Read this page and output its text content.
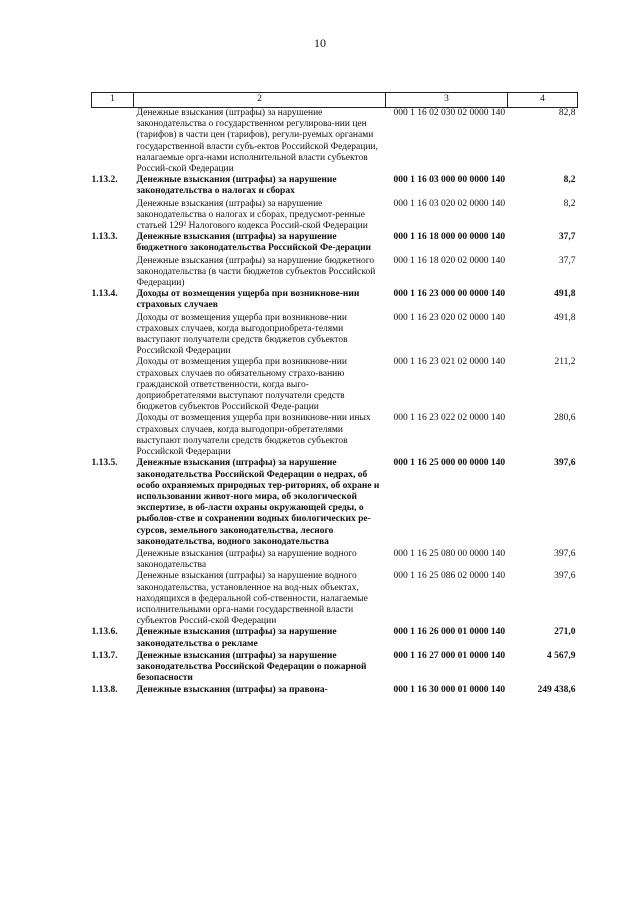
10
1	2	3	4
	Денежные взыскания (штрафы) за нарушение законодательства о государственном регулирова-нии цен (тарифов) в части цен (тарифов), регули-руемых органами государственной власти субъ-ектов Российской Федерации, налагаемые орга-нами исполнительной власти субъектов Россий-ской Федерации	000 1 16 02 030 02 0000 140	82,8
1.13.2.	Денежные взыскания (штрафы) за нарушение законодательства о налогах и сборах	000 1 16 03 000 00 0000 140	8,2
	Денежные взыскания (штрафы) за нарушение законодательства о налогах и сборах, предусмот-ренные статьей 129² Налогового кодекса Россий-ской Федерации	000 1 16 03 020 02 0000 140	8,2
1.13.3.	Денежные взыскания (штрафы) за нарушение бюджетного законодательства Российской Фе-дерации	000 1 16 18 000 00 0000 140	37,7
	Денежные взыскания (штрафы) за нарушение бюджетного законодательства (в части бюджетов субъектов Российской Федерации)	000 1 16 18 020 02 0000 140	37,7
1.13.4.	Доходы от возмещения ущерба при возникнове-нии страховых случаев	000 1 16 23 000 00 0000 140	491,8
	Доходы от возмещения ущерба при возникнове-нии страховых случаев, когда выгодоприобрета-телями выступают получатели средств бюджетов субъектов Российской Федерации	000 1 16 23 020 02 0000 140	491,8
	Доходы от возмещения ущерба при возникнове-нии страховых случаев по обязательному страхо-ванию гражданской ответственности, когда выго-доприобретателями выступают получатели средств бюджетов субъектов Российской Феде-рации	000 1 16 23 021 02 0000 140	211,2
	Доходы от возмещения ущерба при возникнове-нии иных страховых случаев, когда выгодопри-обретателями выступают получатели средств бюджетов субъектов Российской Федерации	000 1 16 23 022 02 0000 140	280,6
1.13.5.	Денежные взыскания (штрафы) за нарушение законодательства Российской Федерации о недрах, об особо охраняемых природных тер-риториях, об охране и использовании живот-ного мира, об экологической экспертизе, в об-ласти охраны окружающей среды, о рыболов-стве и сохранении водных биологических ре-сурсов, земельного законодательства, лесного законодательства, водного законодательства	000 1 16 25 000 00 0000 140	397,6
	Денежные взыскания (штрафы) за нарушение водного законодательства	000 1 16 25 080 00 0000 140	397,6
	Денежные взыскания (штрафы) за нарушение водного законодательства, установленное на вод-ных объектах, находящихся в федеральной соб-ственности, налагаемые исполнительными орга-нами государственной власти субъектов Россий-ской Федерации	000 1 16 25 086 02 0000 140	397,6
1.13.6.	Денежные взыскания (штрафы) за нарушение законодательства о рекламе	000 1 16 26 000 01 0000 140	271,0
1.13.7.	Денежные взыскания (штрафы) за нарушение законодательства Российской Федерации о пожарной безопасности	000 1 16 27 000 01 0000 140	4 567,9
1.13.8.	Денежные взыскания (штрафы) за правона-	000 1 16 30 000 01 0000 140	249 438,6
